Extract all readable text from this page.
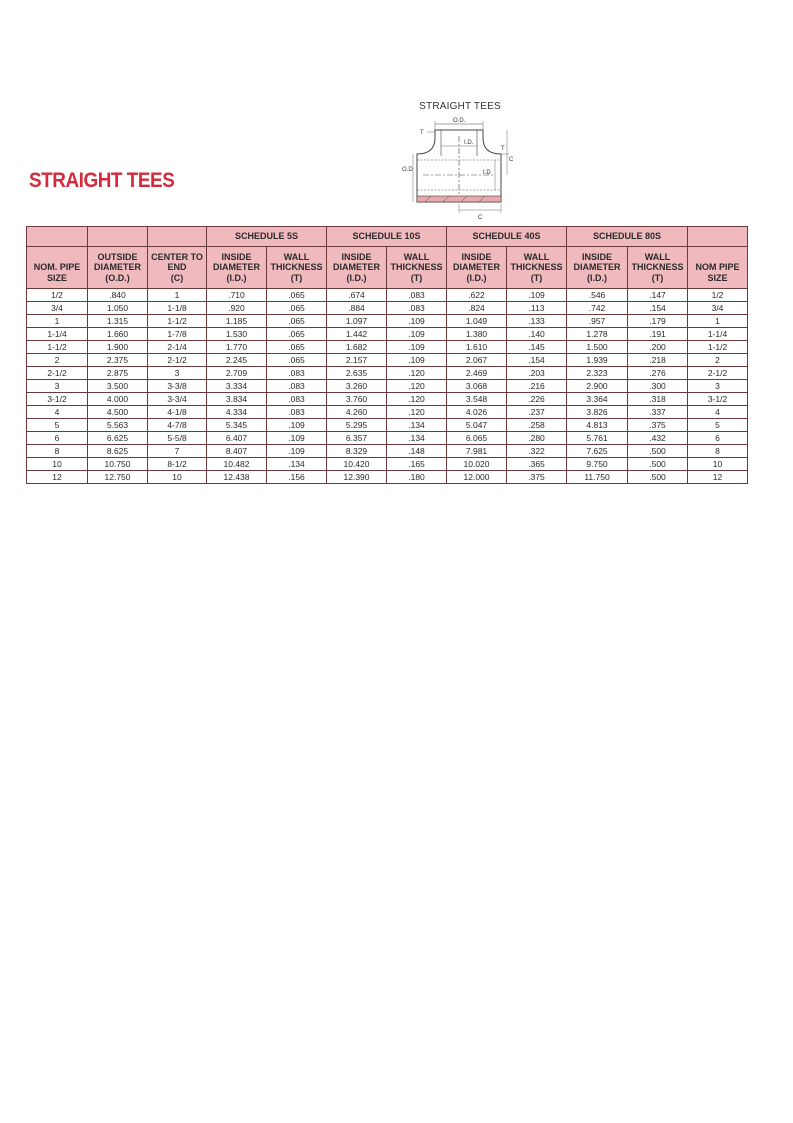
STRAIGHT TEES
STRAIGHT TEES
O.D.
T
I.D.
T
C
O.D	I.D
C
			SCHEDULE 5S		SCHEDULE 10S		SCHEDULE 40S		SCHEDULE 80S		

NOM. PIPE
SIZE	OUTSIDE
DIAMETER
(O.D.)	CENTER TO
END
(C)	INSIDE
DIAMETER
(I.D.)	WALL
THICKNESS
(T)	INSIDE
DIAMETER
(I.D.)	WALL
THICKNESS
(T)	INSIDE
DIAMETER
(I.D.)	WALL
THICKNESS
(T)	INSIDE
DIAMETER
(I.D.)	WALL
THICKNESS
(T)	NOM PIPE
SIZE

1/2	.840	1	.710	.065	.674	.083	.622	.109	.546	.147	1/2
3/4	1.050	1-1/8	.920	.065	.884	.083	.824	.113	.742	.154	3/4
1	1.315	1-1/2	1.185	.065	1.097	.109	1.049	.133	.957	.179	1
1-1/4	1.660	1-7/8	1.530	.065	1.442	.109	1.380	.140	1.278	.191	1-1/4
1-1/2	1.900	2-1/4	1.770	.065	1.682	.109	1.610	.145	1.500	.200	1-1/2
2	2.375	2-1/2	2.245	.065	2.157	.109	2.067	.154	1.939	.218	2
2-1/2	2.875	3	2.709	.083	2.635	.120	2.469	.203	2.323	.276	2-1/2
3	3.500	3-3/8	3.334	.083	3.260	.120	3.068	.216	2.900	.300	3
3-1/2	4.000	3-3/4	3.834	.083	3.760	.120	3.548	.226	3.364	.318	3-1/2
4	4.500	4-1/8	4.334	.083	4.260	.120	4.026	.237	3.826	.337	4
5	5.563	4-7/8	5.345	.109	5.295	.134	5.047	.258	4.813	.375	5
6	6.625	5-5/8	6.407	.109	6.357	.134	6.065	.280	5.761	.432	6
8	8.625	7	8.407	.109	8.329	.148	7.981	.322	7.625	.500	8
10	10.750	8-1/2	10.482	.134	10.420	.165	10.020	.365	9.750	.500	10
12	12.750	10	12.438	.156	12.390	.180	12.000	.375	11.750	.500	12
